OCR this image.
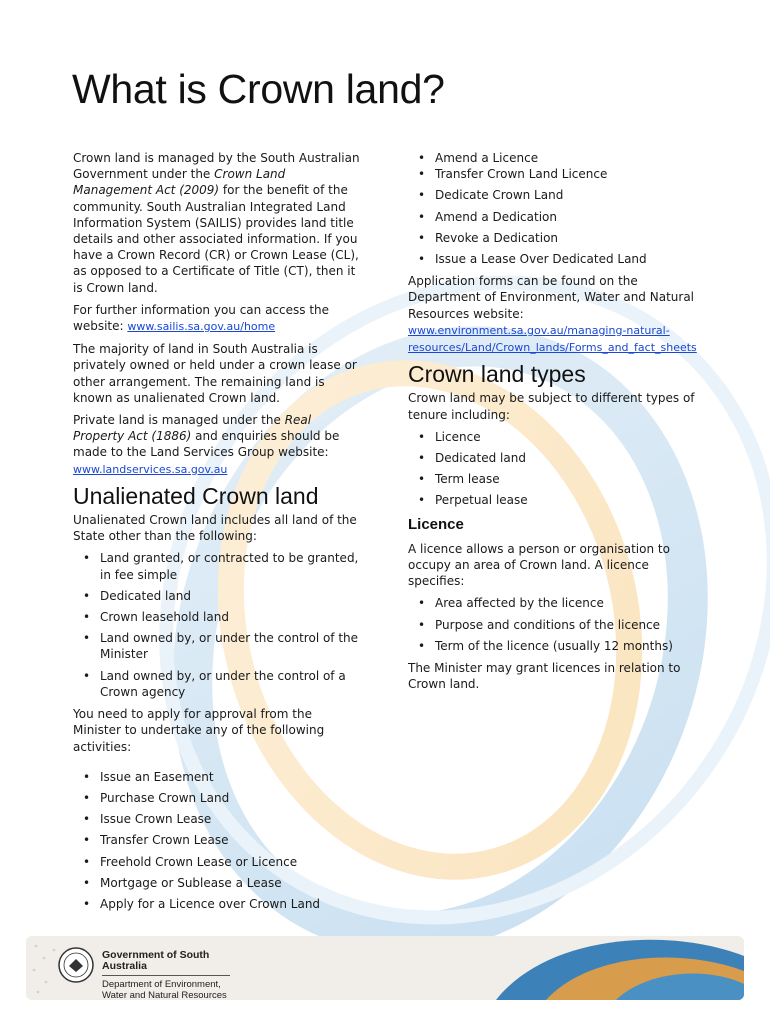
What is Crown land?

Crown land is managed by the South Australian Government under the Crown Land Management Act (2009) for the benefit of the community. South Australian Integrated Land Information System (SAILIS) provides land title details and other associated information. If you have a Crown Record (CR) or Crown Lease (CL), as opposed to a Certificate of Title (CT), then it is Crown land.

For further information you can access the website: www.sailis.sa.gov.au/home

The majority of land in South Australia is privately owned or held under a crown lease or other arrangement. The remaining land is known as unalienated Crown land.

Private land is managed under the Real Property Act (1886) and enquiries should be made to the Land Services Group website:
www.landservices.sa.gov.au

Unalienated Crown land

Unalienated Crown land includes all land of the State other than the following:

• Land granted, or contracted to be granted, in fee simple
• Dedicated land
• Crown leasehold land
• Land owned by, or under the control of the Minister
• Land owned by, or under the control of a Crown agency

You need to apply for approval from the Minister to undertake any of the following activities:

• Issue an Easement
• Purchase Crown Land
• Issue Crown Lease
• Transfer Crown Lease
• Freehold Crown Lease or Licence
• Mortgage or Sublease a Lease
• Apply for a Licence over Crown Land
• Amend a Licence
• Transfer Crown Land Licence
• Dedicate Crown Land
• Amend a Dedication
• Revoke a Dedication
• Issue a Lease Over Dedicated Land

Application forms can be found on the Department of Environment, Water and Natural Resources website:
www.environment.sa.gov.au/managing-natural-
resources/Land/Crown_lands/Forms_and_fact_sheets

Crown land types

Crown land may be subject to different types of tenure including:

• Licence
• Dedicated land
• Term lease
• Perpetual lease
Licence

A licence allows a person or organisation to occupy an area of Crown land. A licence specifies:

• Area affected by the licence
• Purpose and conditions of the licence
• Term of the licence (usually 12 months)

The Minister may grant licences in relation to Crown land.

Government of South Australia
Department of Environment,
Water and Natural Resources
